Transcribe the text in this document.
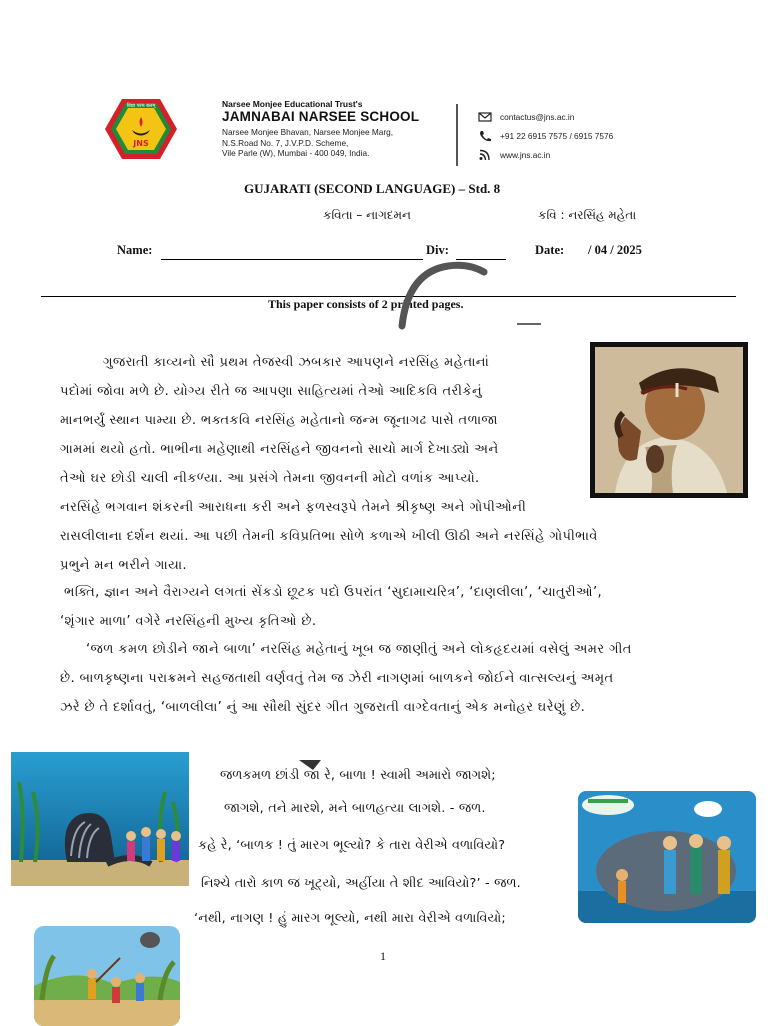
विद्या परम बलम्
JNS
Narsee Monjee Educational Trust's
JAMNABAI NARSEE SCHOOL
Narsee Monjee Bhavan, Narsee Monjee Marg,
N.S.Road No. 7, J.V.P.D. Scheme,
Vile Parle (W), Mumbai - 400 049, India.
contactus@jns.ac.in
+91 22 6915 7575 / 6915 7576
www.jns.ac.in
GUJARATI (SECOND LANGUAGE) – Std. 8
કવિતા – નાગદમન	કવિ : નરસિંહ મહેતા
Name:	Div:	Date: / 04 / 2025
This paper consists of 2 printed pages.
ગુજરાતી કાવ્યનો સૌ પ્રથમ તેજસ્વી ઝબકાર આપણને નરસિંહ મહેતાનાં
પદોમાં જોવા મળે છે. યોગ્ય રીતે જ આપણા સાહિત્યમાં તેઓ આદિકવિ તરીકેનું
માનભર્યું સ્થાન પામ્યા છે. ભક્તકવિ નરસિંહ મહેતાનો જન્મ જૂનાગઢ પાસે તળાજા
ગામમાં થયો હતો. ભાભીના મહેણાથી નરસિંહને જીવનનો સાચો માર્ગ દેખાડ્યો અને
તેઓ ઘર છોડી ચાલી નીકળ્યા. આ પ્રસંગે તેમના જીવનની મોટો વળાંક આપ્યો.
નરસિંહે ભગવાન શંકરની આરાધના કરી અને ફળસ્વરૂપે તેમને શ્રીકૃષ્ણ અને ગોપીઓની
રાસલીલાના દર્શન થયાં. આ પછી તેમની કવિપ્રતિભા સોળે કળાએ ખીલી ઊઠી અને નરસિંહે ગોપીભાવે
પ્રભુને મન ભરીને ગાયા.
ભક્તિ, જ્ઞાન અને વૈરાગ્યને લગતાં સેંકડો છૂટક પદો ઉપરાંત ‘સુદામાચરિત્ર’, ‘દાણલીલા’, ‘ચાતુરીઓ’,
‘શૃંગાર માળા’ વગેરે નરસિંહની મુખ્ય કૃતિઓ છે.
‘જળ કમળ છોડીને જાને બાળા’ નરસિંહ મહેતાનું ખૂબ જ જાણીતું અને લોકહૃદયમાં વસેલું અમર ગીત
છે. બાળકૃષ્ણના પરાક્રમને સહજતાથી વર્ણવતું તેમ જ ઝેરી નાગણમાં બાળકને જોઈને વાત્સલ્યનું અમૃત
ઝરે છે તે દર્શાવતું, ‘બાળલીલા’ નું આ સૌથી સુંદર ગીત ગુજરાતી વાગ્દેવતાનું એક મનોહર ઘરેણું છે.
જળકમળ છાંડી જા રે, બાળા ! સ્વામી અમારો જાગશે;
જાગશે, તને મારશે, મને બાળહત્યા લાગશે. - જળ.
કહે રે, ‘બાળક ! તું મારગ ભૂલ્યો? કે તારા વેરીએ વળાવિયો?
નિશ્ચે તારો કાળ જ ખૂટ્યો, અહીંયા તે શીદ આવિયો?’ - જળ.
‘નથી, નાગણ ! હું મારગ ભૂલ્યો, નથી મારા વેરીએ વળાવિયો;
1
